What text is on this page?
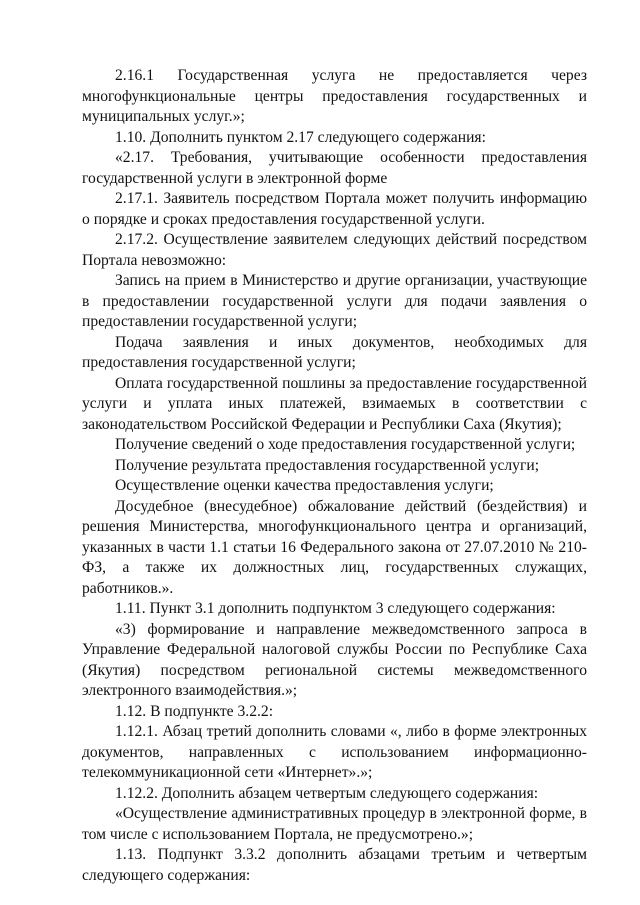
2.16.1 Государственная услуга не предоставляется через многофункциональные центры предоставления государственных и муниципальных услуг.»;

1.10. Дополнить пунктом 2.17 следующего содержания:

«2.17. Требования, учитывающие особенности предоставления государственной услуги в электронной форме

2.17.1. Заявитель посредством Портала может получить информацию о порядке и сроках предоставления государственной услуги.

2.17.2. Осуществление заявителем следующих действий посредством Портала невозможно:

Запись на прием в Министерство и другие организации, участвующие в предоставлении государственной услуги для подачи заявления о предоставлении государственной услуги;

Подача заявления и иных документов, необходимых для предоставления государственной услуги;

Оплата государственной пошлины за предоставление государственной услуги и уплата иных платежей, взимаемых в соответствии с законодательством Российской Федерации и Республики Саха (Якутия);

Получение сведений о ходе предоставления государственной услуги;

Получение результата предоставления государственной услуги;

Осуществление оценки качества предоставления услуги;

Досудебное (внесудебное) обжалование действий (бездействия) и решения Министерства, многофункционального центра и организаций, указанных в части 1.1 статьи 16 Федерального закона от 27.07.2010 № 210-ФЗ, а также их должностных лиц, государственных служащих, работников.».

1.11. Пункт 3.1 дополнить подпунктом 3 следующего содержания:

«3) формирование и направление межведомственного запроса в Управление Федеральной налоговой службы России по Республике Саха (Якутия) посредством региональной системы межведомственного электронного взаимодействия.»;

1.12. В подпункте 3.2.2:

1.12.1. Абзац третий дополнить словами «, либо в форме электронных документов, направленных с использованием информационно-телекоммуникационной сети «Интернет».»;

1.12.2. Дополнить абзацем четвертым следующего содержания:

«Осуществление административных процедур в электронной форме, в том числе с использованием Портала, не предусмотрено.»;

1.13. Подпункт 3.3.2 дополнить абзацами третьим и четвертым следующего содержания:
